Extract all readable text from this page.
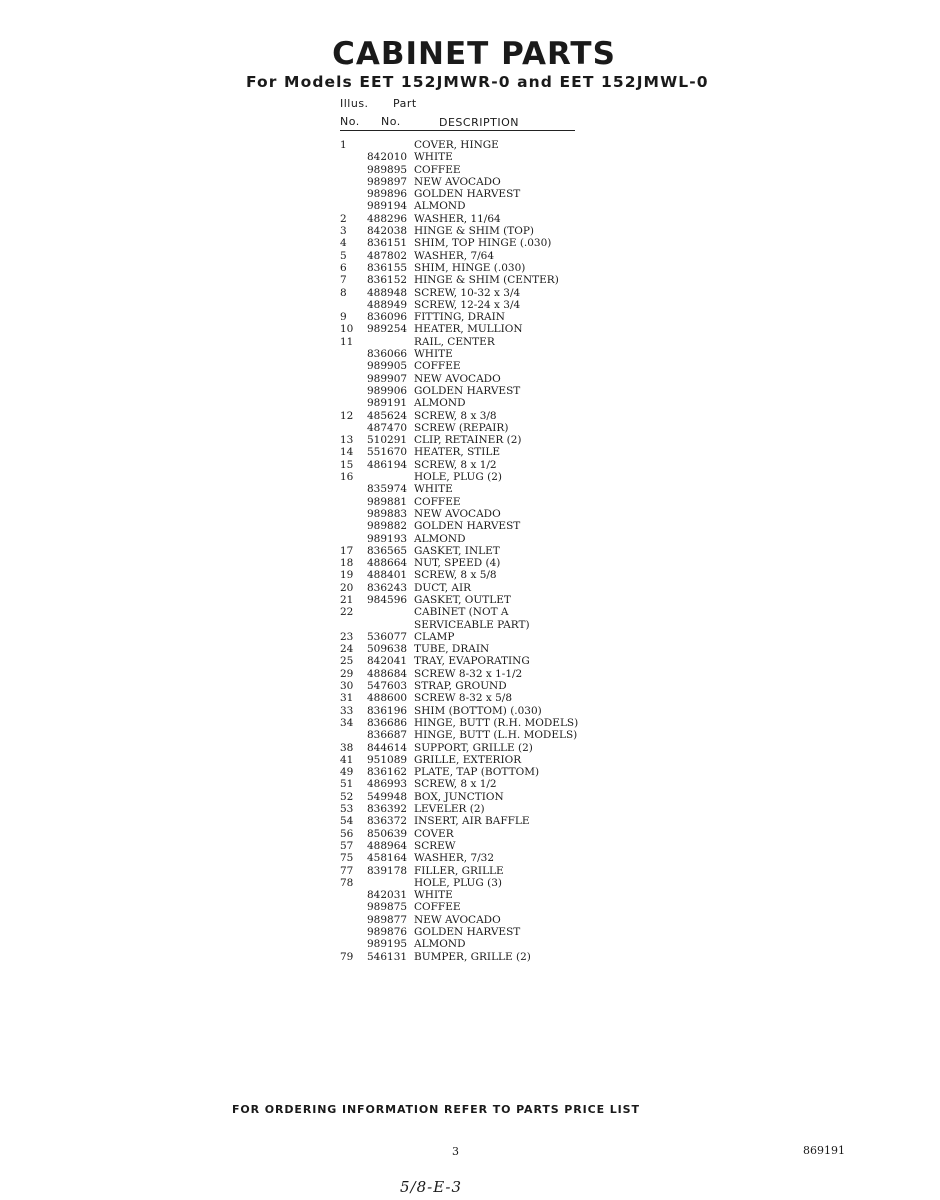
CABINET PARTS
For Models EET 152JMWR-0 and EET 152JMWL-0
Illus. Part
No. No.	DESCRIPTION
1	COVER, HINGE
842010 WHITE
989895 COFFEE
989897 NEW AVOCADO
989896 GOLDEN HARVEST
989194 ALMOND
2	488296 WASHER, 11/64
3	842038 HINGE & SHIM (TOP)
4	836151 SHIM, TOP HINGE (.030)
5	487802 WASHER, 7/64
6	836155 SHIM, HINGE (.030)
7	836152 HINGE & SHIM (CENTER)
8	488948 SCREW, 10-32 x 3/4
488949 SCREW, 12-24 x 3/4
9	836096 FITTING, DRAIN
10	989254 HEATER, MULLION
11	RAIL, CENTER
836066 WHITE
989905 COFFEE
989907 NEW AVOCADO
989906 GOLDEN HARVEST
989191 ALMOND
12	485624 SCREW, 8 x 3/8
487470 SCREW (REPAIR)
13	510291 CLIP, RETAINER (2)
14	551670 HEATER, STILE
15	486194 SCREW, 8 x 1/2
16	HOLE, PLUG (2)
835974 WHITE
989881 COFFEE
989883 NEW AVOCADO
989882 GOLDEN HARVEST
989193 ALMOND
17	836565 GASKET, INLET
18	488664 NUT, SPEED (4)
19	488401 SCREW, 8 x 5/8
20	836243 DUCT, AIR
21	984596 GASKET, OUTLET
22	CABINET (NOT A
SERVICEABLE PART)
23	536077 CLAMP
24	509638 TUBE, DRAIN
25	842041 TRAY, EVAPORATING
29	488684 SCREW 8-32 x 1-1/2
30	547603 STRAP, GROUND
31	488600 SCREW 8-32 x 5/8
33	836196 SHIM (BOTTOM) (.030)
34	836686 HINGE, BUTT (R.H. MODELS)
836687 HINGE, BUTT (L.H. MODELS)
38	844614 SUPPORT, GRILLE (2)
41	951089 GRILLE, EXTERIOR
49	836162 PLATE, TAP (BOTTOM)
51	486993 SCREW, 8 x 1/2
52	549948 BOX, JUNCTION
53	836392 LEVELER (2)
54	836372 INSERT, AIR BAFFLE
56	850639 COVER
57	488964 SCREW
75	458164 WASHER, 7/32
77	839178 FILLER, GRILLE
78	HOLE, PLUG (3)
842031 WHITE
989875 COFFEE
989877 NEW AVOCADO
989876 GOLDEN HARVEST
989195 ALMOND
79	546131 BUMPER, GRILLE (2)
FOR ORDERING INFORMATION REFER TO PARTS PRICE LIST
3	869191
5/8-E-3
